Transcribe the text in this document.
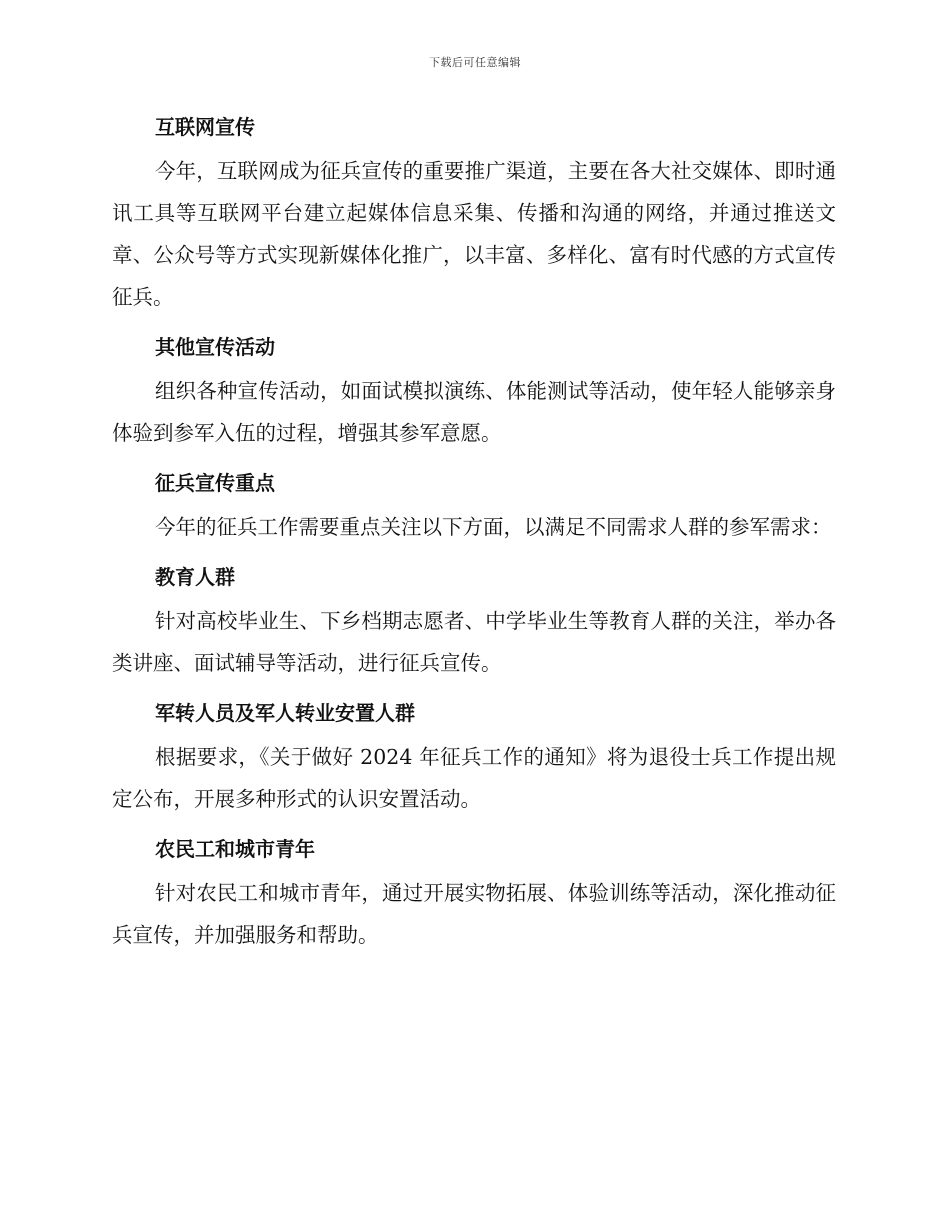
下载后可任意编辑
互联网宣传

今年，互联网成为征兵宣传的重要推广渠道，主要在各大社交媒体、即时通讯工具等互联网平台建立起媒体信息采集、传播和沟通的网络，并通过推送文章、公众号等方式实现新媒体化推广，以丰富、多样化、富有时代感的方式宣传征兵。

其他宣传活动

组织各种宣传活动，如面试模拟演练、体能测试等活动，使年轻人能够亲身体验到参军入伍的过程，增强其参军意愿。

征兵宣传重点

今年的征兵工作需要重点关注以下方面，以满足不同需求人群的参军需求：

教育人群

针对高校毕业生、下乡档期志愿者、中学毕业生等教育人群的关注，举办各类讲座、面试辅导等活动，进行征兵宣传。

军转人员及军人转业安置人群

根据要求，《关于做好 2024 年征兵工作的通知》将为退役士兵工作提出规定公布，开展多种形式的认识安置活动。

农民工和城市青年

针对农民工和城市青年，通过开展实物拓展、体验训练等活动，深化推动征兵宣传，并加强服务和帮助。
